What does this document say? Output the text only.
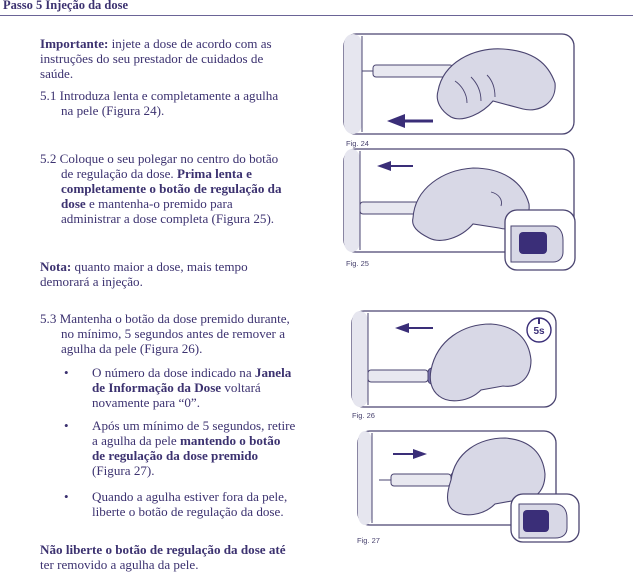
Passo 5 Injeção da dose
Importante: injete a dose de acordo com as
instruções do seu prestador de cuidados de
saúde.
5.1 Introduza lenta e completamente a agulha
na pele (Figura 24).
5.2 Coloque o seu polegar no centro do botão
de regulação da dose. Prima lenta e
completamente o botão de regulação da
dose e mantenha-o premido para
administrar a dose completa (Figura 25).
Nota: quanto maior a dose, mais tempo
demorará a injeção.
5.3 Mantenha o botão da dose premido durante,
no mínimo, 5 segundos antes de remover a
agulha da pele (Figura 26).
• O número da dose indicado na Janela
de Informação da Dose voltará
novamente para “0”.
• Após um mínimo de 5 segundos, retire
a agulha da pele mantendo o botão
de regulação da dose premido
(Figura 27).
• Quando a agulha estiver fora da pele,
liberte o botão de regulação da dose.
Não liberte o botão de regulação da dose até
ter removido a agulha da pele.
Fig. 24
Fig. 25
5s
Fig. 26
Fig. 27
